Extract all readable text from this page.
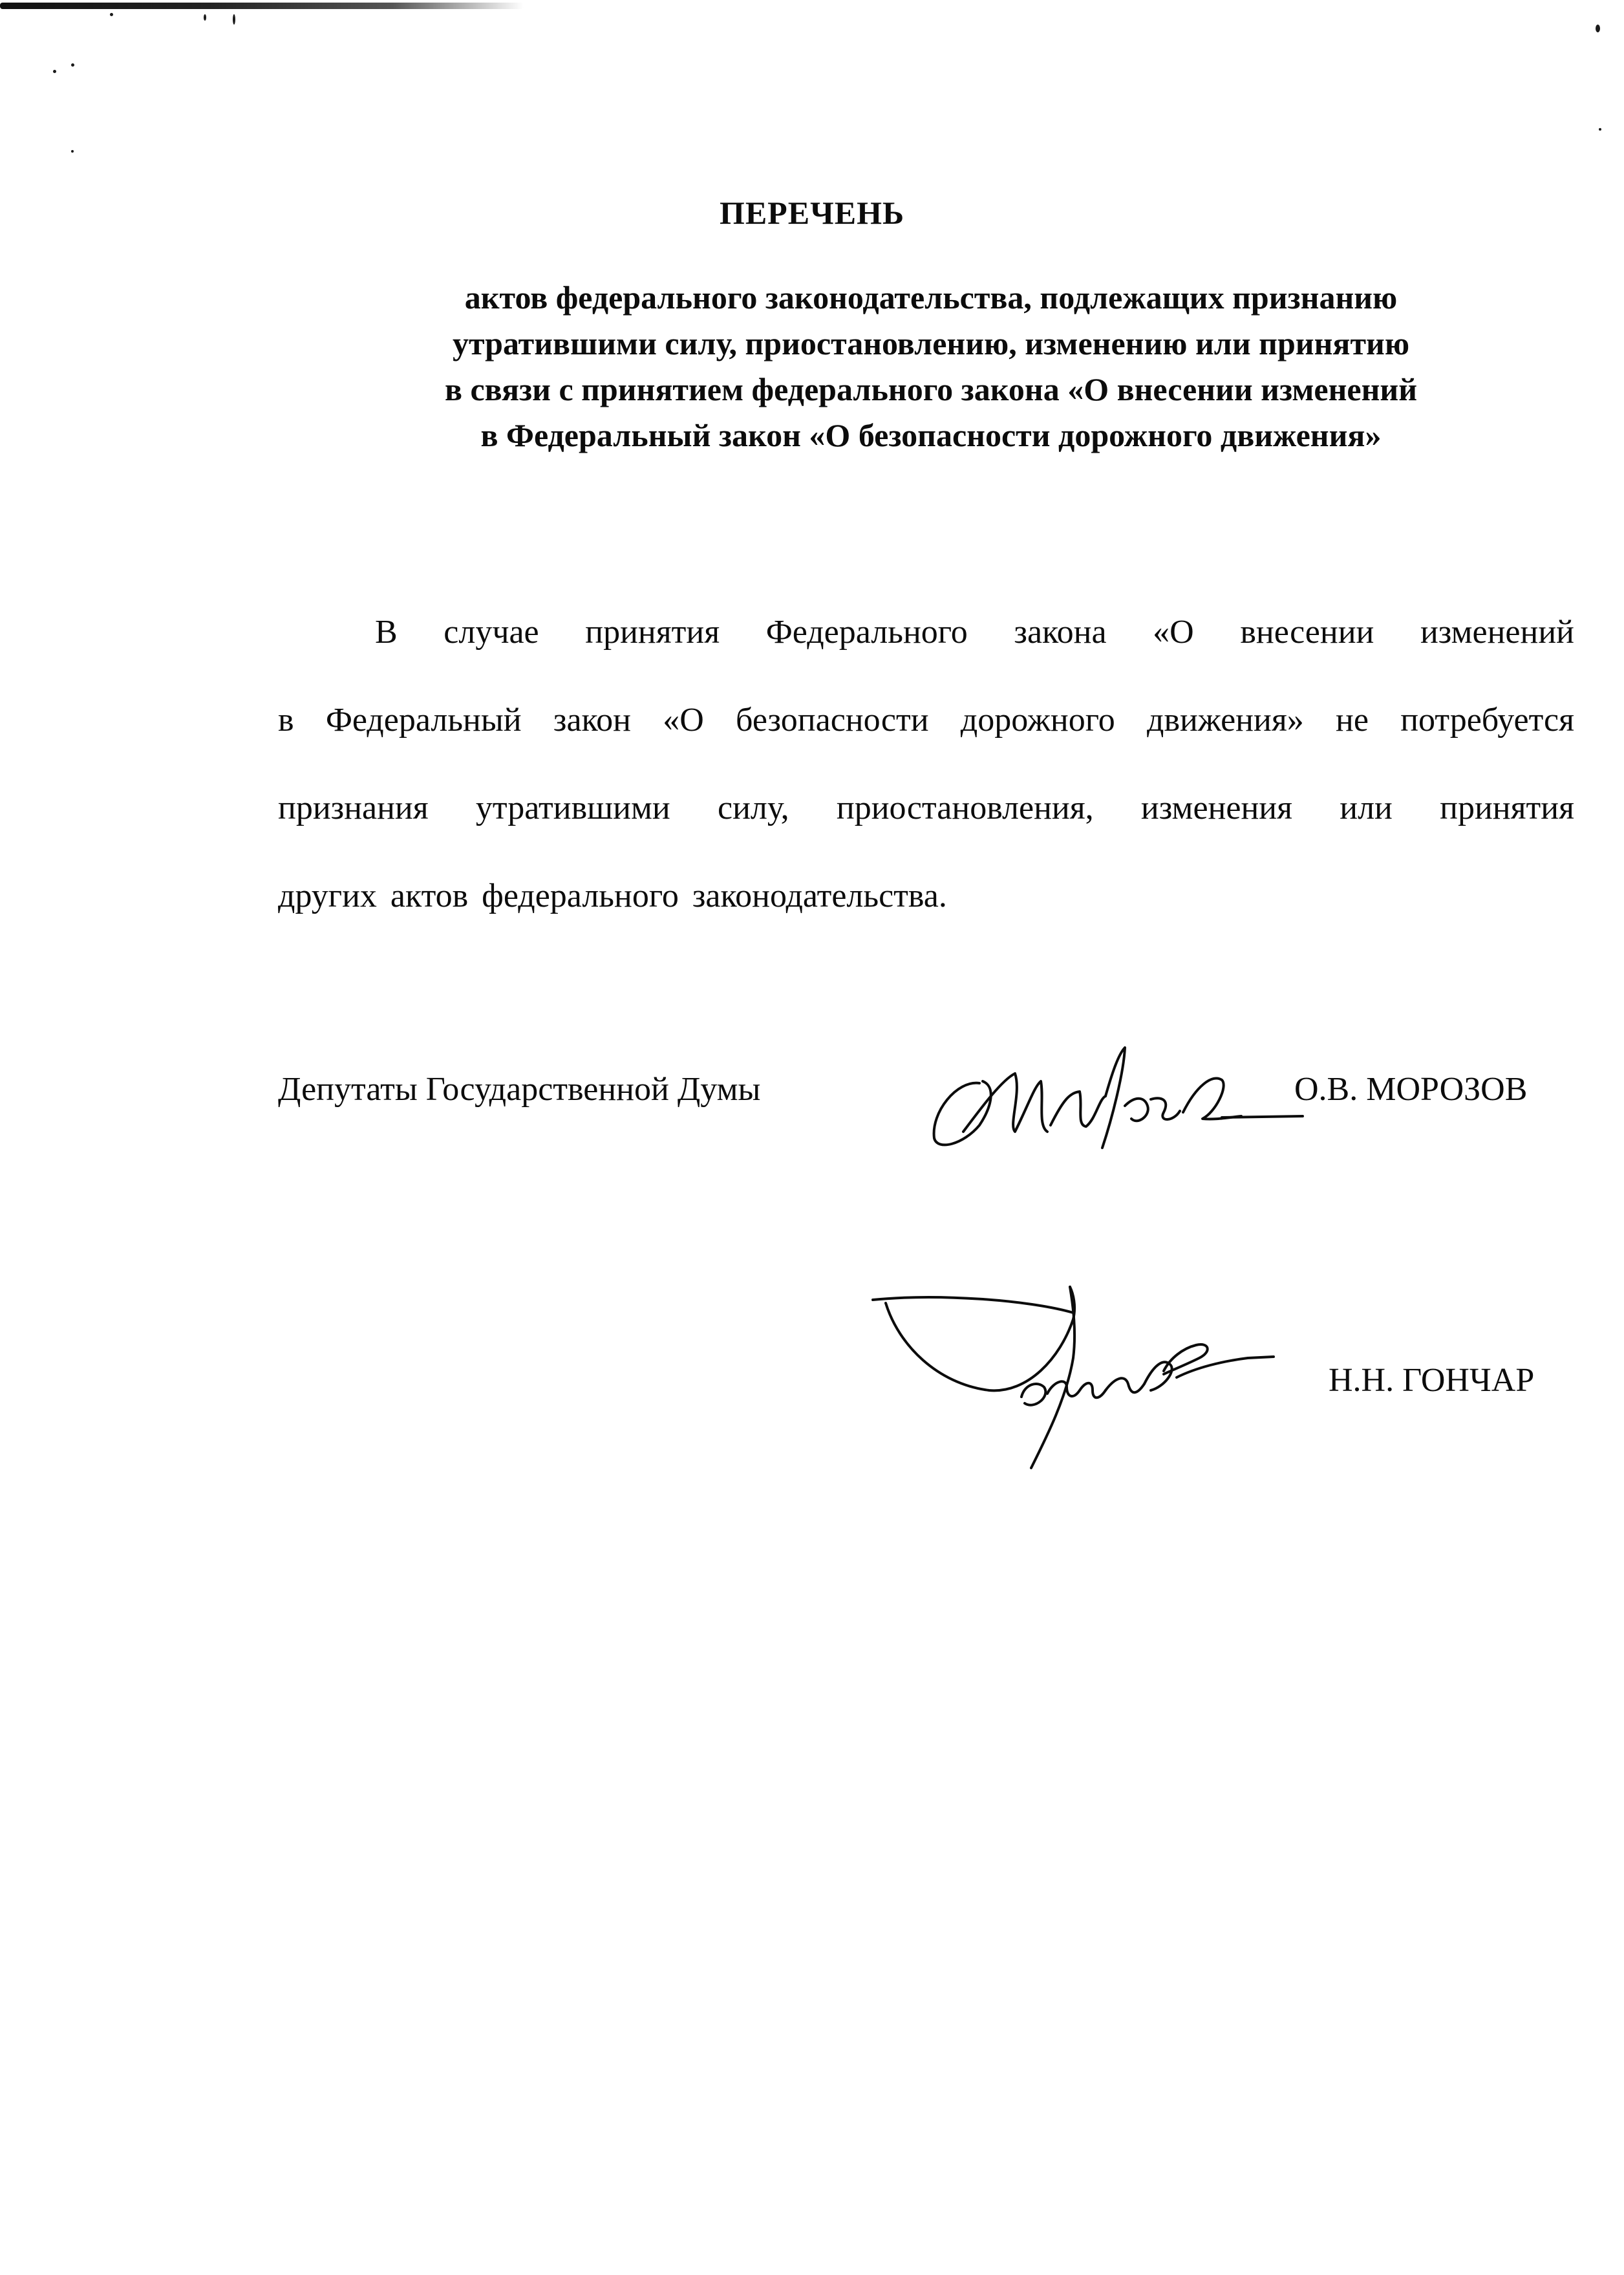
ПЕРЕЧЕНЬ
актов федерального законодательства, подлежащих признанию
утратившими силу, приостановлению, изменению или принятию
в связи с принятием федерального закона «О внесении изменений
в Федеральный закон «О безопасности дорожного движения»
В случае принятия Федерального закона «О внесении изменений
в Федеральный закон «О безопасности дорожного движения» не потребуется
признания утратившими силу, приостановления, изменения или принятия
других актов федерального законодательства.
Депутаты Государственной Думы	О.В. МОРОЗОВ
Н.Н. ГОНЧАР
